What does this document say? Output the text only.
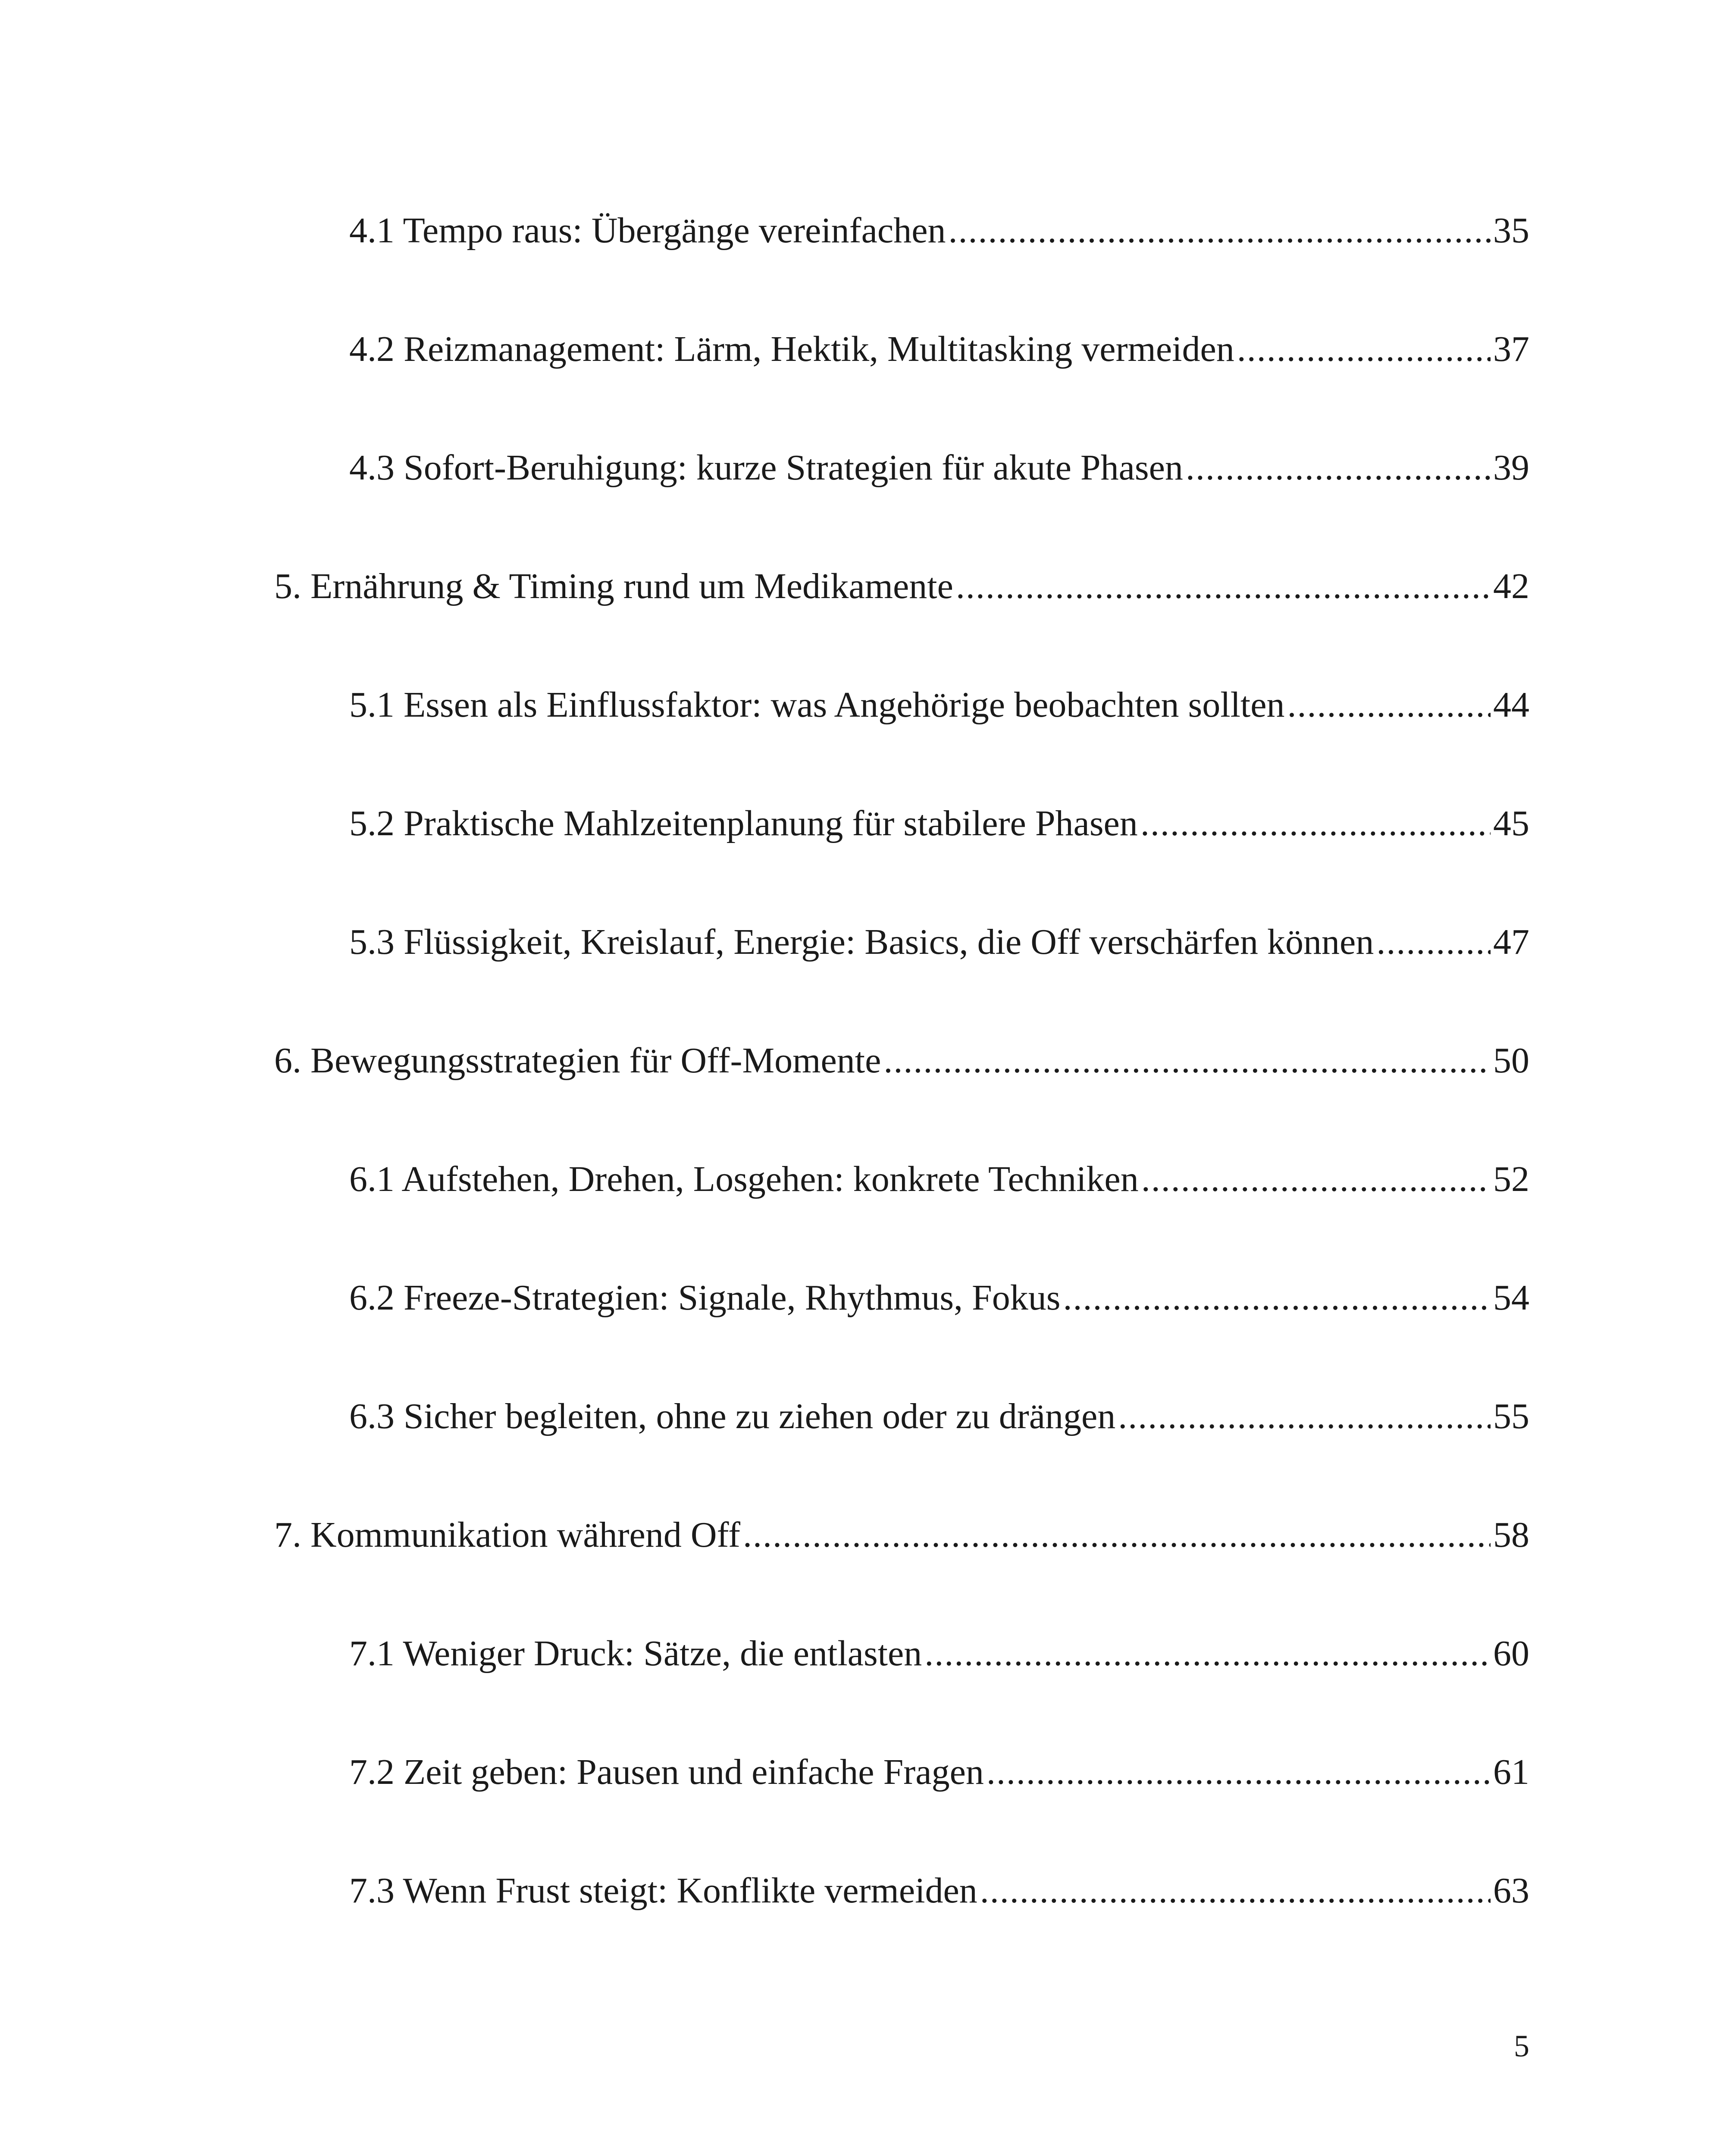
4.1 Tempo raus: Übergänge vereinfachen .....	35
4.2 Reizmanagement: Lärm, Hektik, Multitasking vermeiden .....	37
4.3 Sofort-Beruhigung: kurze Strategien für akute Phasen .....	39
5. Ernährung & Timing rund um Medikamente .....	42
5.1 Essen als Einflussfaktor: was Angehörige beobachten sollten .....	44
5.2 Praktische Mahlzeitenplanung für stabilere Phasen .....	45
5.3 Flüssigkeit, Kreislauf, Energie: Basics, die Off verschärfen können .....	47
6. Bewegungsstrategien für Off-Momente .....	50
6.1 Aufstehen, Drehen, Losgehen: konkrete Techniken .....	52
6.2 Freeze-Strategien: Signale, Rhythmus, Fokus .....	54
6.3 Sicher begleiten, ohne zu ziehen oder zu drängen .....	55
7. Kommunikation während Off .....	58
7.1 Weniger Druck: Sätze, die entlasten .....	60
7.2 Zeit geben: Pausen und einfache Fragen .....	61
7.3 Wenn Frust steigt: Konflikte vermeiden .....	63
5
